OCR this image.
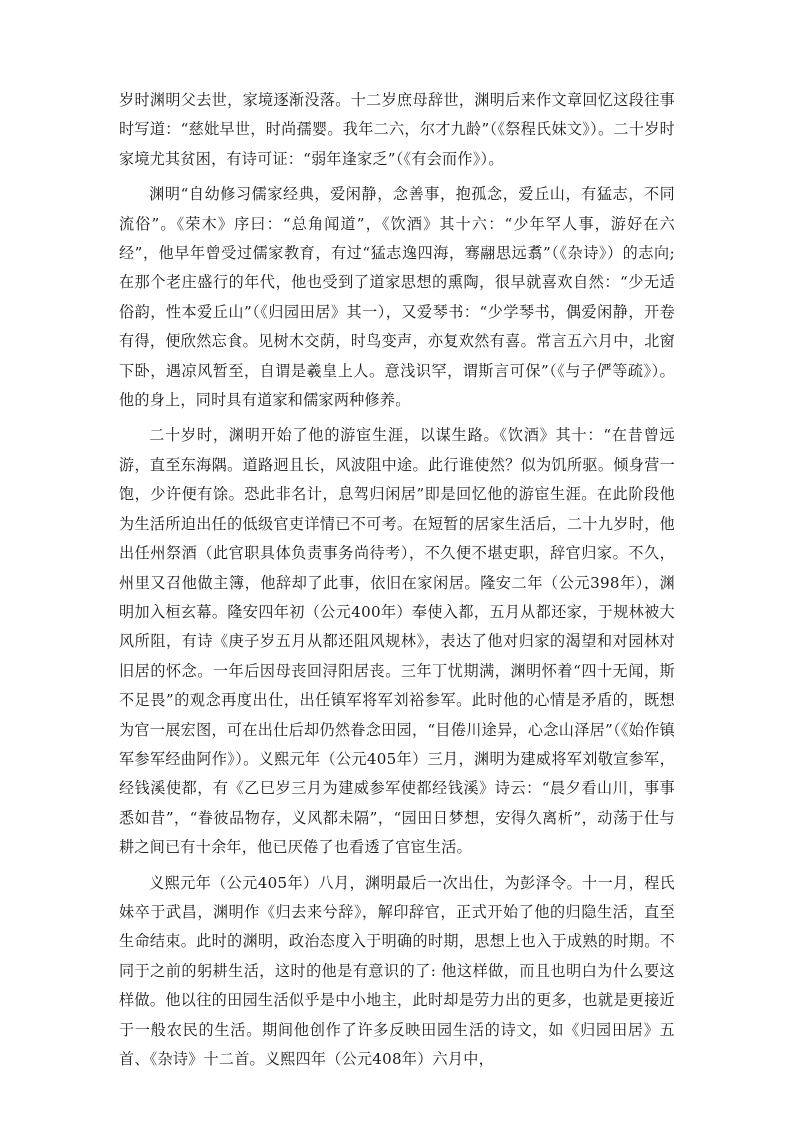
岁时渊明父去世，家境逐渐没落。十二岁庶母辞世，渊明后来作文章回忆这段往事时写道：“慈妣早世，时尚孺婴。我年二六，尔才九龄”（《祭程氏妹文》）。二十岁时家境尤其贫困，有诗可证：“弱年逢家乏”（《有会而作》）。

渊明“自幼修习儒家经典，爱闲静，念善事，抱孤念，爱丘山，有猛志，不同流俗”。《荣木》序曰：“总角闻道”，《饮酒》其十六：“少年罕人事，游好在六经”，他早年曾受过儒家教育，有过“猛志逸四海，骞翮思远翥”（《杂诗》）的志向;在那个老庄盛行的年代，他也受到了道家思想的熏陶，很早就喜欢自然：“少无适俗韵，性本爱丘山”（《归园田居》其一），又爱琴书：“少学琴书，偶爱闲静，开卷有得，便欣然忘食。见树木交荫，时鸟变声，亦复欢然有喜。常言五六月中，北窗下卧，遇凉风暂至，自谓是羲皇上人。意浅识罕，谓斯言可保”（《与子俨等疏》）。他的身上，同时具有道家和儒家两种修养。

二十岁时，渊明开始了他的游宦生涯，以谋生路。《饮酒》其十：“在昔曾远游，直至东海隅。道路迥且长，风波阻中途。此行谁使然？似为饥所驱。倾身营一饱，少许便有馀。恐此非名计，息驾归闲居”即是回忆他的游宦生涯。在此阶段他为生活所迫出任的低级官吏详情已不可考。在短暂的居家生活后，二十九岁时，他出任州祭酒（此官职具体负责事务尚待考），不久便不堪吏职，辞官归家。不久，州里又召他做主簿，他辞却了此事，依旧在家闲居。隆安二年（公元398年），渊明加入桓玄幕。隆安四年初（公元400年）奉使入都，五月从都还家，于规林被大风所阻，有诗《庚子岁五月从都还阻风规林》，表达了他对归家的渴望和对园林对旧居的怀念。一年后因母丧回浔阳居丧。三年丁忧期满，渊明怀着“四十无闻，斯不足畏”的观念再度出仕，出任镇军将军刘裕参军。此时他的心情是矛盾的，既想为官一展宏图，可在出仕后却仍然眷念田园，“目倦川途异，心念山泽居”（《始作镇军参军经曲阿作》）。义熙元年（公元405年）三月，渊明为建威将军刘敬宣参军，经钱溪使都，有《乙巳岁三月为建威参军使都经钱溪》诗云：“晨夕看山川，事事悉如昔”，“眷彼品物存，义风都未隔”，“园田日梦想，安得久离析”，动荡于仕与耕之间已有十余年，他已厌倦了也看透了官宦生活。

义熙元年（公元405年）八月，渊明最后一次出仕，为彭泽令。十一月，程氏妹卒于武昌，渊明作《归去来兮辞》，解印辞官，正式开始了他的归隐生活，直至生命结束。此时的渊明，政治态度入于明确的时期，思想上也入于成熟的时期。不同于之前的躬耕生活，这时的他是有意识的了: 他这样做，而且也明白为什么要这样做。他以往的田园生活似乎是中小地主，此时却是劳力出的更多，也就是更接近于一般农民的生活。期间他创作了许多反映田园生活的诗文，如《归园田居》五首、《杂诗》十二首。义熙四年（公元408年）六月中，
